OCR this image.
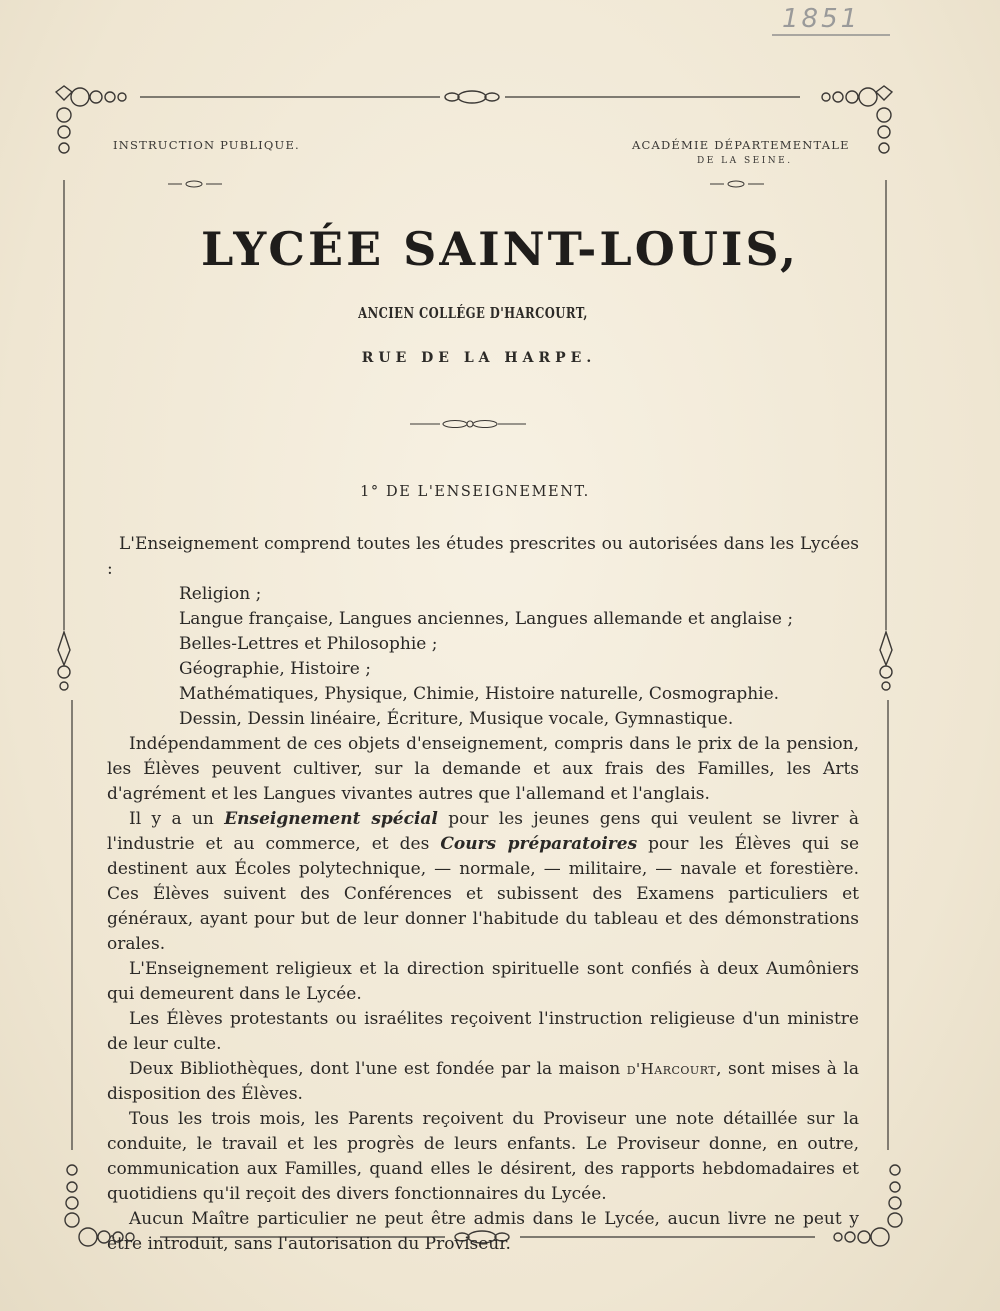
1851
INSTRUCTION PUBLIQUE.	ACADÉMIE DÉPARTEMENTALE
DE LA SEINE.
LYCÉE SAINT-LOUIS,
ANCIEN COLLÉGE D'HARCOURT,
RUE DE LA HARPE.
1° DE L'ENSEIGNEMENT.

L'Enseignement comprend toutes les études prescrites ou autorisées dans les Lycées :

Religion ;

Langue française, Langues anciennes, Langues allemande et anglaise ;

Belles-Lettres et Philosophie ;

Géographie, Histoire ;

Mathématiques, Physique, Chimie, Histoire naturelle, Cosmographie.

Dessin, Dessin linéaire, Écriture, Musique vocale, Gymnastique.

Indépendamment de ces objets d'enseignement, compris dans le prix de la pension, les Élèves peuvent cultiver, sur la demande et aux frais des Familles, les Arts d'agrément et les Langues vivantes autres que l'allemand et l'anglais.

Il y a un Enseignement spécial pour les jeunes gens qui veulent se livrer à l'industrie et au commerce, et des Cours préparatoires pour les Élèves qui se destinent aux Écoles polytechnique, — normale, — militaire, — navale et forestière. Ces Élèves suivent des Conférences et subissent des Examens particuliers et généraux, ayant pour but de leur donner l'habitude du tableau et des démonstrations orales.

L'Enseignement religieux et la direction spirituelle sont confiés à deux Aumôniers qui demeurent dans le Lycée.

Les Élèves protestants ou israélites reçoivent l'instruction religieuse d'un ministre de leur culte.

Deux Bibliothèques, dont l'une est fondée par la maison d'Harcourt, sont mises à la disposition des Élèves.

Tous les trois mois, les Parents reçoivent du Proviseur une note détaillée sur la conduite, le travail et les progrès de leurs enfants. Le Proviseur donne, en outre, communication aux Familles, quand elles le désirent, des rapports hebdomadaires et quotidiens qu'il reçoit des divers fonctionnaires du Lycée.

Aucun Maître particulier ne peut être admis dans le Lycée, aucun livre ne peut y être introduit, sans l'autorisation du Proviseur.
